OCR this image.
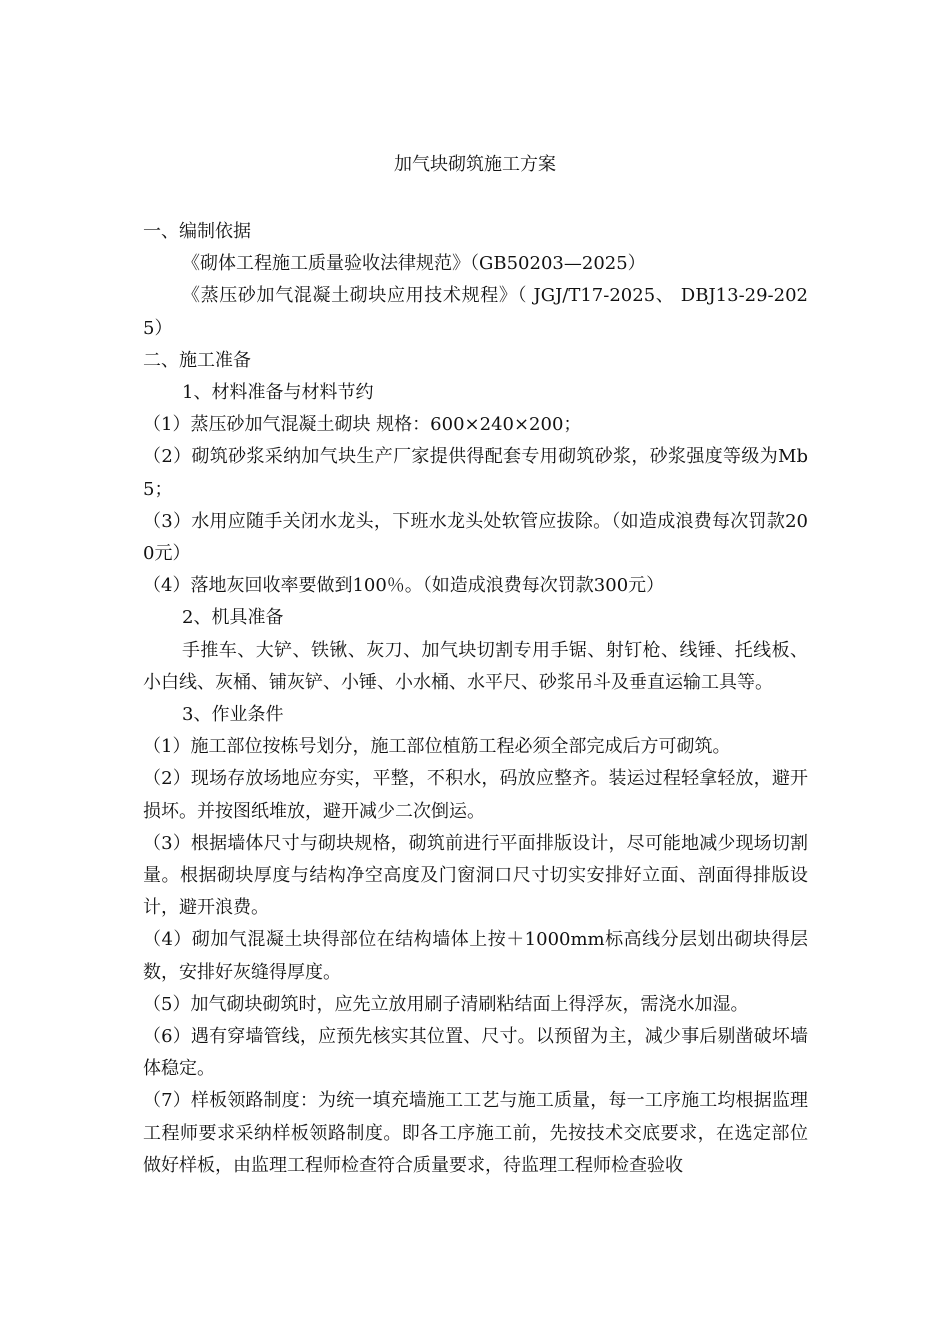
加气块砌筑施工方案

一、编制依据

《砌体工程施工质量验收法律规范》（GB50203—2025）

《蒸压砂加气混凝土砌块应用技术规程》（ JGJ/T17-2025、 DBJ13-29-2025）

二、施工准备

1、材料准备与材料节约

（1）蒸压砂加气混凝土砌块 规格：600×240×200；

（2）砌筑砂浆采纳加气块生产厂家提供得配套专用砌筑砂浆，砂浆强度等级为Mb5；

（3）水用应随手关闭水龙头，下班水龙头处软管应拔除。（如造成浪费每次罚款200元）

（4）落地灰回收率要做到100％。（如造成浪费每次罚款300元）

2、机具准备

手推车、大铲、铁锹、灰刀、加气块切割专用手锯、射钉枪、线锤、托线板、小白线、灰桶、铺灰铲、小锤、小水桶、水平尺、砂浆吊斗及垂直运输工具等。

3、作业条件

（1）施工部位按栋号划分，施工部位植筋工程必须全部完成后方可砌筑。

（2）现场存放场地应夯实，平整，不积水，码放应整齐。装运过程轻拿轻放，避开损坏。并按图纸堆放，避开减少二次倒运。

（3）根据墙体尺寸与砌块规格，砌筑前进行平面排版设计，尽可能地减少现场切割量。根据砌块厚度与结构净空高度及门窗洞口尺寸切实安排好立面、剖面得排版设计，避开浪费。

（4）砌加气混凝土块得部位在结构墙体上按＋1000mm标高线分层划出砌块得层数，安排好灰缝得厚度。

（5）加气砌块砌筑时，应先立放用刷子清刷粘结面上得浮灰，需浇水加湿。

（6）遇有穿墙管线，应预先核实其位置、尺寸。以预留为主，减少事后剔凿破坏墙体稳定。

（7）样板领路制度：为统一填充墙施工工艺与施工质量，每一工序施工均根据监理工程师要求采纳样板领路制度。即各工序施工前，先按技术交底要求，在选定部位做好样板，由监理工程师检查符合质量要求，待监理工程师检查验收
